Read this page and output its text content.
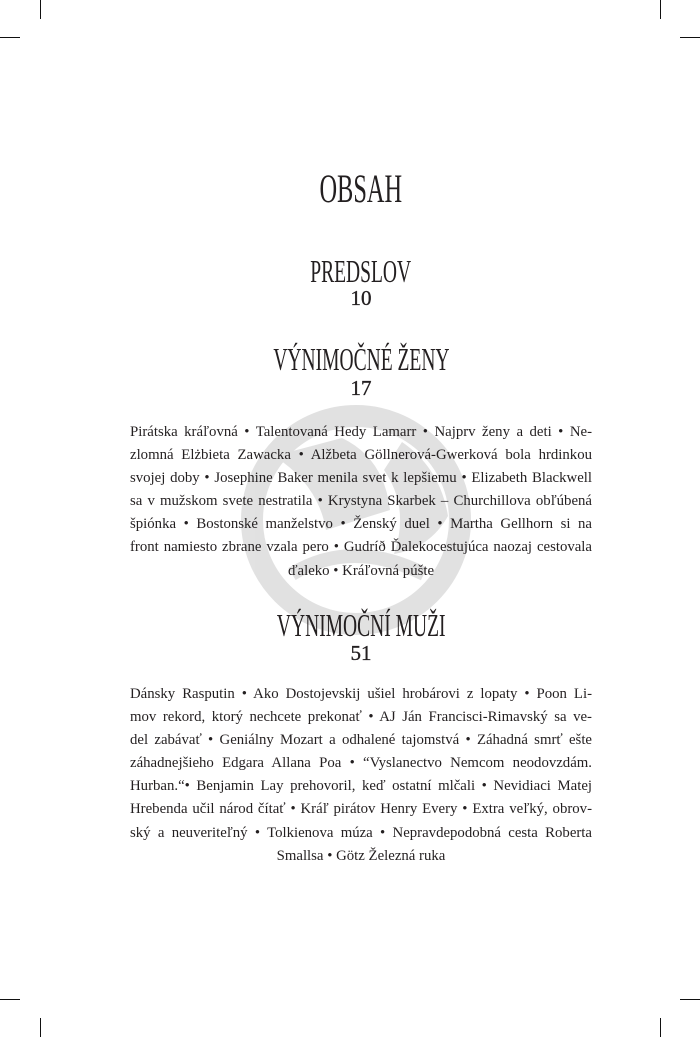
OBSAH
PREDSLOV
10
VÝNIMOČNÉ ŽENY
17
Pirátska kráľovná • Talentovaná Hedy Lamarr • Najprv ženy a deti • Ne-
zlomná Elżbieta Zawacka • Alžbeta Göllnerová-Gwerková bola hrdinkou
svojej doby • Josephine Baker menila svet k lepšiemu • Elizabeth Blackwell
sa v mužskom svete nestratila • Krystyna Skarbek – Churchillova obľúbená
špiónka • Bostonské manželstvo • Ženský duel • Martha Gellhorn si na
front namiesto zbrane vzala pero • Gudríð Ďalekocestujúca naozaj cestovala
ďaleko • Kráľovná púšte
VÝNIMOČNÍ MUŽI
51
Dánsky Rasputin • Ako Dostojevskij ušiel hrobárovi z lopaty • Poon Li-
mov rekord, ktorý nechcete prekonať • AJ Ján Francisci-Rimavský sa ve-
del zabávať • Geniálny Mozart a odhalené tajomstvá • Záhadná smrť ešte
záhadnejšieho Edgara Allana Poa • “Vyslanectvo Nemcom neodovzdám.
Hurban.“• Benjamin Lay prehovoril, keď ostatní mlčali • Nevidiaci Matej
Hrebenda učil národ čítať • Kráľ pirátov Henry Every • Extra veľký, obrov-
ský a neuveriteľný • Tolkienova múza • Nepravdepodobná cesta Roberta
Smallsa • Götz Železná ruka
